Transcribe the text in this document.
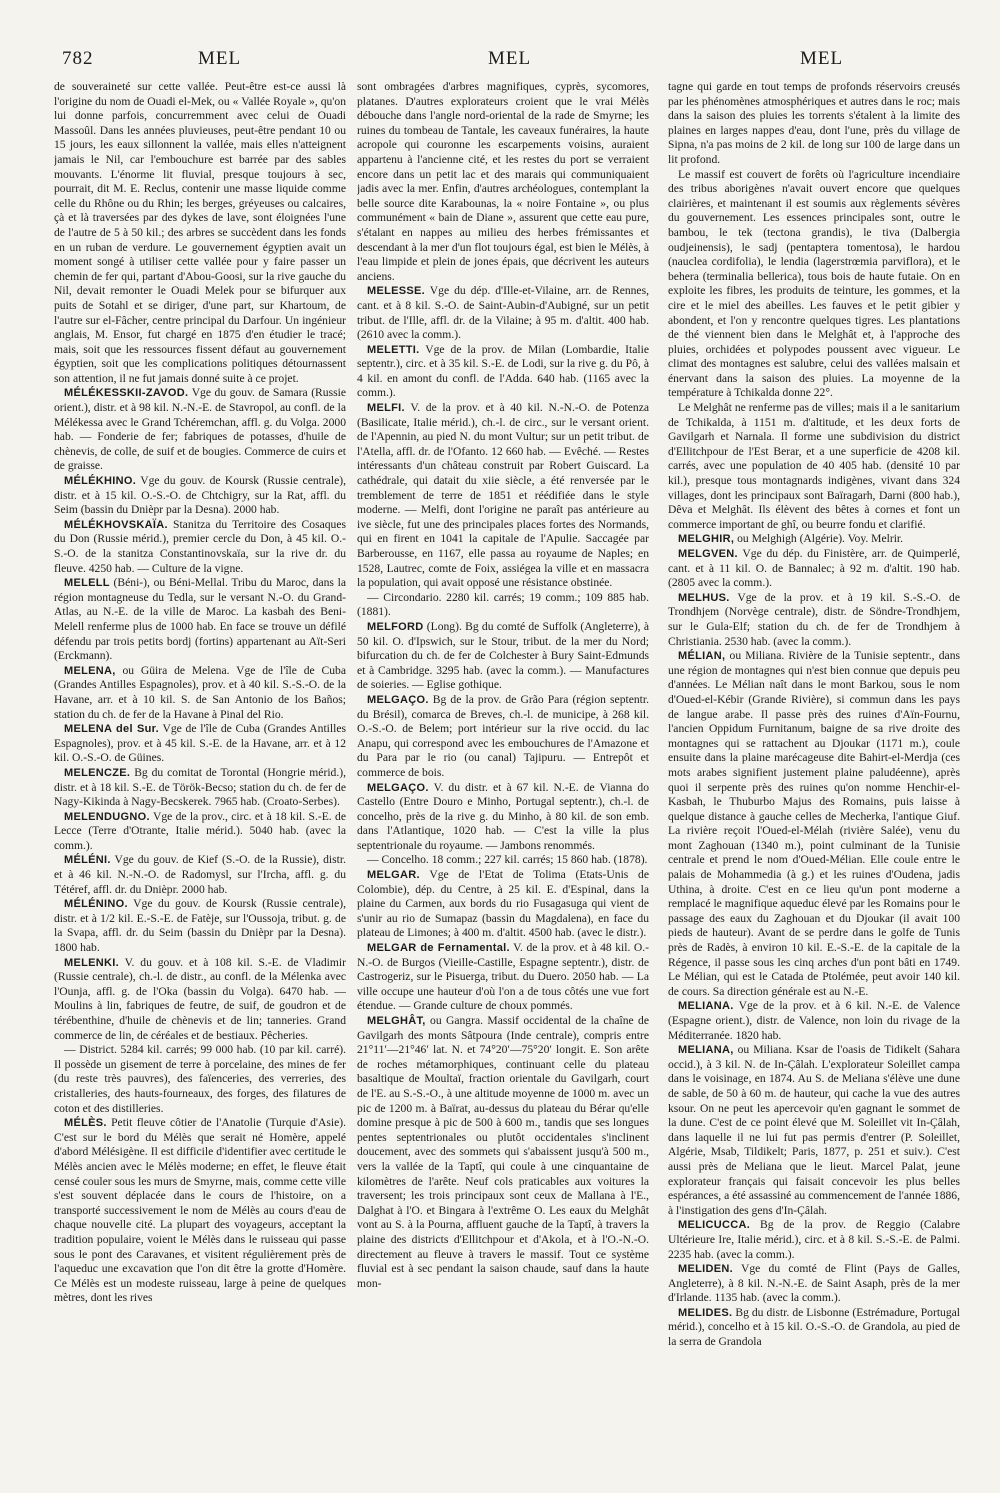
782	MEL	MEL	MEL

de souveraineté sur cette vallée. Peut-être est-ce aussi là l'origine du nom de Ouadi el-Mek, ou « Vallée Royale », qu'on lui donne parfois, concurremment avec celui de Ouadi Massoûl. Dans les années pluvieuses, peut-être pendant 10 ou 15 jours, les eaux sillonnent la vallée, mais elles n'atteignent jamais le Nil, car l'embouchure est barrée par des sables mouvants. L'énorme lit fluvial, presque toujours à sec, pourrait, dit M. E. Reclus, contenir une masse liquide comme celle du Rhône ou du Rhin; les berges, gréyeuses ou calcaires, çà et là traversées par des dykes de lave, sont éloignées l'une de l'autre de 5 à 50 kil.; des arbres se succèdent dans les fonds en un ruban de verdure. Le gouvernement égyptien avait un moment songé à utiliser cette vallée pour y faire passer un chemin de fer qui, partant d'Abou-Goosi, sur la rive gauche du Nil, devait remonter le Ouadi Melek pour se bifurquer aux puits de Sotahl et se diriger, d'une part, sur Khartoum, de l'autre sur el-Fâcher, centre principal du Darfour. Un ingénieur anglais, M. Ensor, fut chargé en 1875 d'en étudier le tracé; mais, soit que les ressources fissent défaut au gouvernement égyptien, soit que les complications politiques détournassent son attention, il ne fut jamais donné suite à ce projet.

MÉLÉKESSKII-ZAVOD. Vge du gouv. de Samara (Russie orient.), distr. et à 98 kil. N.-N.-E. de Stavropol, au confl. de la Mélékessa avec le Grand Tchéremchan, affl. g. du Volga. 2000 hab. — Fonderie de fer; fabriques de potasses, d'huile de chènevis, de colle, de suif et de bougies. Commerce de cuirs et de graisse.

MÉLÉKHINO. Vge du gouv. de Koursk (Russie centrale), distr. et à 15 kil. O.-S.-O. de Chtchigry, sur la Rat, affl. du Seim (bassin du Dnièpr par la Desna). 2000 hab.

MÉLÉKHOVSKAÏA. Stanitza du Territoire des Cosaques du Don (Russie mérid.), premier cercle du Don, à 45 kil. O.-S.-O. de la stanitza Constantinovskaïa, sur la rive dr. du fleuve. 4250 hab. — Culture de la vigne.

MELELL (Béni-), ou Béni-Mellal. Tribu du Maroc, dans la région montagneuse du Tedla, sur le versant N.-O. du Grand-Atlas, au N.-E. de la ville de Maroc. La kasbah des Beni-Melell renferme plus de 1000 hab. En face se trouve un défilé défendu par trois petits bordj (fortins) appartenant au Aït-Seri (Erckmann).

MELENA, ou Güira de Melena. Vge de l'île de Cuba (Grandes Antilles Espagnoles), prov. et à 40 kil. S.-S.-O. de la Havane, arr. et à 10 kil. S. de San Antonio de los Baños; station du ch. de fer de la Havane à Pinal del Rio.

MELENA del Sur. Vge de l'île de Cuba (Grandes Antilles Espagnoles), prov. et à 45 kil. S.-E. de la Havane, arr. et à 12 kil. O.-S.-O. de Güines.

MELENCZE. Bg du comitat de Torontal (Hongrie mérid.), distr. et à 18 kil. S.-E. de Török-Becso; station du ch. de fer de Nagy-Kikinda à Nagy-Becskerek. 7965 hab. (Croato-Serbes).

MELENDUGNO. Vge de la prov., circ. et à 18 kil. S.-E. de Lecce (Terre d'Otrante, Italie mérid.). 5040 hab. (avec la comm.).

MÉLÉNI. Vge du gouv. de Kief (S.-O. de la Russie), distr. et à 46 kil. N.-N.-O. de Radomysl, sur l'Ircha, affl. g. du Tétéref, affl. dr. du Dnièpr. 2000 hab.

MÉLÉNINO. Vge du gouv. de Koursk (Russie centrale), distr. et à 1/2 kil. E.-S.-E. de Fatèje, sur l'Oussoja, tribut. g. de la Svapa, affl. dr. du Seim (bassin du Dnièpr par la Desna). 1800 hab.

MELENKI. V. du gouv. et à 108 kil. S.-E. de Vladimir (Russie centrale), ch.-l. de distr., au confl. de la Mélenka avec l'Ounja, affl. g. de l'Oka (bassin du Volga). 6470 hab. — Moulins à lin, fabriques de feutre, de suif, de goudron et de térébenthine, d'huile de chènevis et de lin; tanneries. Grand commerce de lin, de céréales et de bestiaux. Pêcheries.

— District. 5284 kil. carrés; 99 000 hab. (10 par kil. carré). Il possède un gisement de terre à porcelaine, des mines de fer (du reste très pauvres), des faïenceries, des verreries, des cristalleries, des hauts-fourneaux, des forges, des filatures de coton et des distilleries.

MÉLÈS. Petit fleuve côtier de l'Anatolie (Turquie d'Asie). C'est sur le bord du Mélès que serait né Homère, appelé d'abord Mélésigène. Il est difficile d'identifier avec certitude le Mélès ancien avec le Mélès moderne; en effet, le fleuve était censé couler sous les murs de Smyrne, mais, comme cette ville s'est souvent déplacée dans le cours de l'histoire, on a transporté successivement le nom de Mélès au cours d'eau de chaque nouvelle cité. La plupart des voyageurs, acceptant la tradition populaire, voient le Mélès dans le ruisseau qui passe sous le pont des Caravanes, et visitent régulièrement près de l'aqueduc une excavation que l'on dit être la grotte d'Homère. Ce Mélès est un modeste ruisseau, large à peine de quelques mètres, dont les rives

sont ombragées d'arbres magnifiques, cyprès, sycomores, platanes. D'autres explorateurs croient que le vrai Mélès débouche dans l'angle nord-oriental de la rade de Smyrne; les ruines du tombeau de Tantale, les caveaux funéraires, la haute acropole qui couronne les escarpements voisins, auraient appartenu à l'ancienne cité, et les restes du port se verraient encore dans un petit lac et des marais qui communiquaient jadis avec la mer. Enfin, d'autres archéologues, contemplant la belle source dite Karabounas, la « noire Fontaine », ou plus communément « bain de Diane », assurent que cette eau pure, s'étalant en nappes au milieu des herbes frémissantes et descendant à la mer d'un flot toujours égal, est bien le Mélès, à l'eau limpide et plein de jones épais, que décrivent les auteurs anciens.

MELESSE. Vge du dép. d'Ille-et-Vilaine, arr. de Rennes, cant. et à 8 kil. S.-O. de Saint-Aubin-d'Aubigné, sur un petit tribut. de l'Ille, affl. dr. de la Vilaine; à 95 m. d'altit. 400 hab. (2610 avec la comm.).

MELETTI. Vge de la prov. de Milan (Lombardie, Italie septentr.), circ. et à 35 kil. S.-E. de Lodi, sur la rive g. du Pô, à 4 kil. en amont du confl. de l'Adda. 640 hab. (1165 avec la comm.).

MELFI. V. de la prov. et à 40 kil. N.-N.-O. de Potenza (Basilicate, Italie mérid.), ch.-l. de circ., sur le versant orient. de l'Apennin, au pied N. du mont Vultur; sur un petit tribut. de l'Atella, affl. dr. de l'Ofanto. 12 660 hab. — Evêché. — Restes intéressants d'un château construit par Robert Guiscard. La cathédrale, qui datait du xiie siècle, a été renversée par le tremblement de terre de 1851 et réédifiée dans le style moderne. — Melfi, dont l'origine ne paraît pas antérieure au ive siècle, fut une des principales places fortes des Normands, qui en firent en 1041 la capitale de l'Apulie. Saccagée par Barberousse, en 1167, elle passa au royaume de Naples; en 1528, Lautrec, comte de Foix, assiégea la ville et en massacra la population, qui avait opposé une résistance obstinée.

— Circondario. 2280 kil. carrés; 19 comm.; 109 885 hab. (1881).

MELFORD (Long). Bg du comté de Suffolk (Angleterre), à 50 kil. O. d'Ipswich, sur le Stour, tribut. de la mer du Nord; bifurcation du ch. de fer de Colchester à Bury Saint-Edmunds et à Cambridge. 3295 hab. (avec la comm.). — Manufactures de soieries. — Eglise gothique.

MELGAÇO. Bg de la prov. de Grão Para (région septentr. du Brésil), comarca de Breves, ch.-l. de municipe, à 268 kil. O.-S.-O. de Belem; port intérieur sur la rive occid. du lac Anapu, qui correspond avec les embouchures de l'Amazone et du Para par le rio (ou canal) Tajipuru. — Entrepôt et commerce de bois.

MELGAÇO. V. du distr. et à 67 kil. N.-E. de Vianna do Castello (Entre Douro e Minho, Portugal septentr.), ch.-l. de concelho, près de la rive g. du Minho, à 80 kil. de son emb. dans l'Atlantique, 1020 hab. — C'est la ville la plus septentrionale du royaume. — Jambons renommés.

— Concelho. 18 comm.; 227 kil. carrés; 15 860 hab. (1878).

MELGAR. Vge de l'Etat de Tolima (Etats-Unis de Colombie), dép. du Centre, à 25 kil. E. d'Espinal, dans la plaine du Carmen, aux bords du rio Fusagasuga qui vient de s'unir au rio de Sumapaz (bassin du Magdalena), en face du plateau de Limones; à 400 m. d'altit. 4500 hab. (avec le distr.).

MELGAR de Fernamental. V. de la prov. et à 48 kil. O.-N.-O. de Burgos (Vieille-Castille, Espagne septentr.), distr. de Castrogeriz, sur le Pisuerga, tribut. du Duero. 2050 hab. — La ville occupe une hauteur d'où l'on a de tous côtés une vue fort étendue. — Grande culture de choux pommés.

MELGHÂT, ou Gangra. Massif occidental de la chaîne de Gavilgarh des monts Sâtpoura (Inde centrale), compris entre 21°11′—21°46′ lat. N. et 74°20′—75°20′ longit. E. Son arête de roches métamorphiques, continuant celle du plateau basaltique de Moultaï, fraction orientale du Gavilgarh, court de l'E. au S.-S.-O., à une altitude moyenne de 1000 m. avec un pic de 1200 m. à Baïrat, au-dessus du plateau du Bérar qu'elle domine presque à pic de 500 à 600 m., tandis que ses longues pentes septentrionales ou plutôt occidentales s'inclinent doucement, avec des sommets qui s'abaissent jusqu'à 500 m., vers la vallée de la Taptî, qui coule à une cinquantaine de kilomètres de l'arête. Neuf cols praticables aux voitures la traversent; les trois principaux sont ceux de Mallana à l'E., Dalghat à l'O. et Bingara à l'extrême O. Les eaux du Melghât vont au S. à la Pourna, affluent gauche de la Taptî, à travers la plaine des districts d'Ellitchpour et d'Akola, et à l'O.-N.-O. directement au fleuve à travers le massif. Tout ce système fluvial est à sec pendant la saison chaude, sauf dans la haute mon-

tagne qui garde en tout temps de profonds réservoirs creusés par les phénomènes atmosphériques et autres dans le roc; mais dans la saison des pluies les torrents s'étalent à la limite des plaines en larges nappes d'eau, dont l'une, près du village de Sipna, n'a pas moins de 2 kil. de long sur 100 de large dans un lit profond.

Le massif est couvert de forêts où l'agriculture incendiaire des tribus aborigènes n'avait ouvert encore que quelques clairières, et maintenant il est soumis aux règlements sévères du gouvernement. Les essences principales sont, outre le bambou, le tek (tectona grandis), le tiva (Dalbergia oudjeinensis), le sadj (pentaptera tomentosa), le hardou (nauclea cordifolia), le lendia (lagerstrœmia parviflora), et le behera (terminalia bellerica), tous bois de haute futaie. On en exploite les fibres, les produits de teinture, les gommes, et la cire et le miel des abeilles. Les fauves et le petit gibier y abondent, et l'on y rencontre quelques tigres. Les plantations de thé viennent bien dans le Melghât et, à l'approche des pluies, orchidées et polypodes poussent avec vigueur. Le climat des montagnes est salubre, celui des vallées malsain et énervant dans la saison des pluies. La moyenne de la température à Tchikalda donne 22°.

Le Melghât ne renferme pas de villes; mais il a le sanitarium de Tchikalda, à 1151 m. d'altitude, et les deux forts de Gavilgarh et Narnala. Il forme une subdivision du district d'Ellitchpour de l'Est Berar, et a une superficie de 4208 kil. carrés, avec une population de 40 405 hab. (densité 10 par kil.), presque tous montagnards indigènes, vivant dans 324 villages, dont les principaux sont Baïragarh, Darni (800 hab.), Dêva et Melghât. Ils élèvent des bêtes à cornes et font un commerce important de ghî, ou beurre fondu et clarifié.

MELGHIR, ou Melghigh (Algérie). Voy. Melrir.

MELGVEN. Vge du dép. du Finistère, arr. de Quimperlé, cant. et à 11 kil. O. de Bannalec; à 92 m. d'altit. 190 hab. (2805 avec la comm.).

MELHUS. Vge de la prov. et à 19 kil. S.-S.-O. de Trondhjem (Norvège centrale), distr. de Söndre-Trondhjem, sur le Gula-Elf; station du ch. de fer de Trondhjem à Christiania. 2530 hab. (avec la comm.).

MÉLIAN, ou Miliana. Rivière de la Tunisie septentr., dans une région de montagnes qui n'est bien connue que depuis peu d'années. Le Mélian naît dans le mont Barkou, sous le nom d'Oued-el-Kébir (Grande Rivière), si commun dans les pays de langue arabe. Il passe près des ruines d'Aïn-Fournu, l'ancien Oppidum Furnitanum, baigne de sa rive droite des montagnes qui se rattachent au Djoukar (1171 m.), coule ensuite dans la plaine marécageuse dite Bahirt-el-Merdja (ces mots arabes signifient justement plaine paludéenne), après quoi il serpente près des ruines qu'on nomme Henchir-el-Kasbah, le Thuburbo Majus des Romains, puis laisse à quelque distance à gauche celles de Mecherka, l'antique Giuf. La rivière reçoit l'Oued-el-Mélah (rivière Salée), venu du mont Zaghouan (1340 m.), point culminant de la Tunisie centrale et prend le nom d'Oued-Mélian. Elle coule entre le palais de Mohammedia (à g.) et les ruines d'Oudena, jadis Uthina, à droite. C'est en ce lieu qu'un pont moderne a remplacé le magnifique aqueduc élevé par les Romains pour le passage des eaux du Zaghouan et du Djoukar (il avait 100 pieds de hauteur). Avant de se perdre dans le golfe de Tunis près de Radès, à environ 10 kil. E.-S.-E. de la capitale de la Régence, il passe sous les cinq arches d'un pont bâti en 1749. Le Mélian, qui est le Catada de Ptolémée, peut avoir 140 kil. de cours. Sa direction générale est au N.-E.

MELIANA. Vge de la prov. et à 6 kil. N.-E. de Valence (Espagne orient.), distr. de Valence, non loin du rivage de la Méditerranée. 1820 hab.

MELIANA, ou Miliana. Ksar de l'oasis de Tidikelt (Sahara occid.), à 3 kil. N. de In-Çâlah. L'explorateur Soleillet campa dans le voisinage, en 1874. Au S. de Meliana s'élève une dune de sable, de 50 à 60 m. de hauteur, qui cache la vue des autres ksour. On ne peut les apercevoir qu'en gagnant le sommet de la dune. C'est de ce point élevé que M. Soleillet vit In-Çâlah, dans laquelle il ne lui fut pas permis d'entrer (P. Soleillet, Algérie, Msab, Tildikelt; Paris, 1877, p. 251 et suiv.). C'est aussi près de Meliana que le lieut. Marcel Palat, jeune explorateur français qui faisait concevoir les plus belles espérances, a été assassiné au commencement de l'année 1886, à l'instigation des gens d'In-Çâlah.

MELICUCCA. Bg de la prov. de Reggio (Calabre Ultérieure Ire, Italie mérid.), circ. et à 8 kil. S.-S.-E. de Palmi. 2235 hab. (avec la comm.).

MELIDEN. Vge du comté de Flint (Pays de Galles, Angleterre), à 8 kil. N.-N.-E. de Saint Asaph, près de la mer d'Irlande. 1135 hab. (avec la comm.).

MELIDES. Bg du distr. de Lisbonne (Estrémadure, Portugal mérid.), concelho et à 15 kil. O.-S.-O. de Grandola, au pied de la serra de Grandola
